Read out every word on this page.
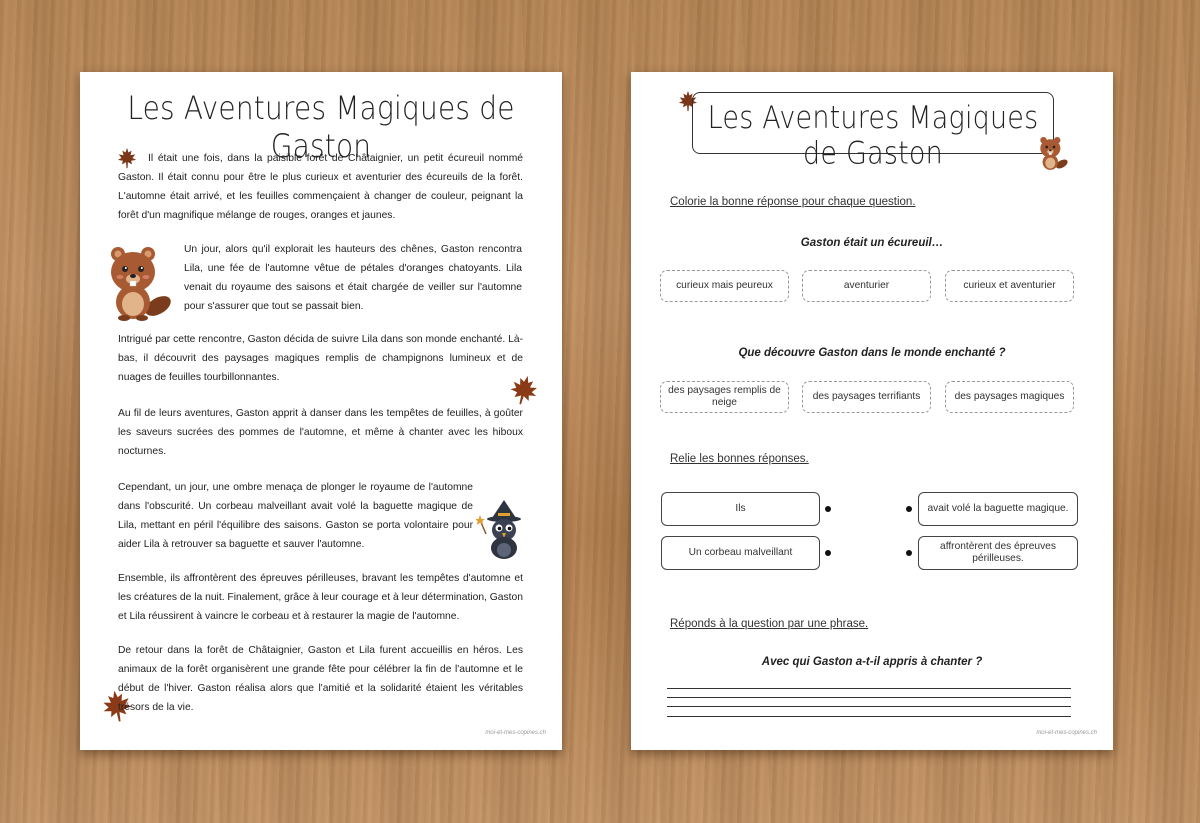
Les Aventures Magiques de Gaston

Il était une fois, dans la paisible forêt de Châtaignier, un petit écureuil nommé Gaston. Il était connu pour être le plus curieux et aventurier des écureuils de la forêt. L'automne était arrivé, et les feuilles commençaient à changer de couleur, peignant la forêt d'un magnifique mélange de rouges, oranges et jaunes.

Un jour, alors qu'il explorait les hauteurs des chênes, Gaston rencontra Lila, une fée de l'automne vêtue de pétales d'oranges chatoyants. Lila venait du royaume des saisons et était chargée de veiller sur l'automne pour s'assurer que tout se passait bien.

Intrigué par cette rencontre, Gaston décida de suivre Lila dans son monde enchanté. Là-bas, il découvrit des paysages magiques remplis de champignons lumineux et de nuages de feuilles tourbillonnantes.

Au fil de leurs aventures, Gaston apprit à danser dans les tempêtes de feuilles, à goûter les saveurs sucrées des pommes de l'automne, et même à chanter avec les hiboux nocturnes.

Cependant, un jour, une ombre menaça de plonger le royaume de l'automne dans l'obscurité. Un corbeau malveillant avait volé la baguette magique de Lila, mettant en péril l'équilibre des saisons. Gaston se porta volontaire pour aider Lila à retrouver sa baguette et sauver l'automne.

Ensemble, ils affrontèrent des épreuves périlleuses, bravant les tempêtes d'automne et les créatures de la nuit. Finalement, grâce à leur courage et à leur détermination, Gaston et Lila réussirent à vaincre le corbeau et à restaurer la magie de l'automne.

De retour dans la forêt de Châtaignier, Gaston et Lila furent accueillis en héros. Les animaux de la forêt organisèrent une grande fête pour célébrer la fin de l'automne et le début de l'hiver. Gaston réalisa alors que l'amitié et la solidarité étaient les véritables trésors de la vie.

moi-et-mes-copines.ch
Les Aventures Magiques de Gaston
Colorie la bonne réponse pour chaque question.
Gaston était un écureuil…
curieux mais peureux	aventurier	curieux et aventurier
Que découvre Gaston dans le monde enchanté ?
des paysages remplis de neige
des paysages terrifiants	des paysages magiques
Relie les bonnes réponses.
Ils	avait volé la baguette magique.
Un corbeau malveillant
affrontèrent des épreuves périlleuses.
Réponds à la question par une phrase.
Avec qui Gaston a-t-il appris à chanter ?
moi-et-mes-copines.ch
